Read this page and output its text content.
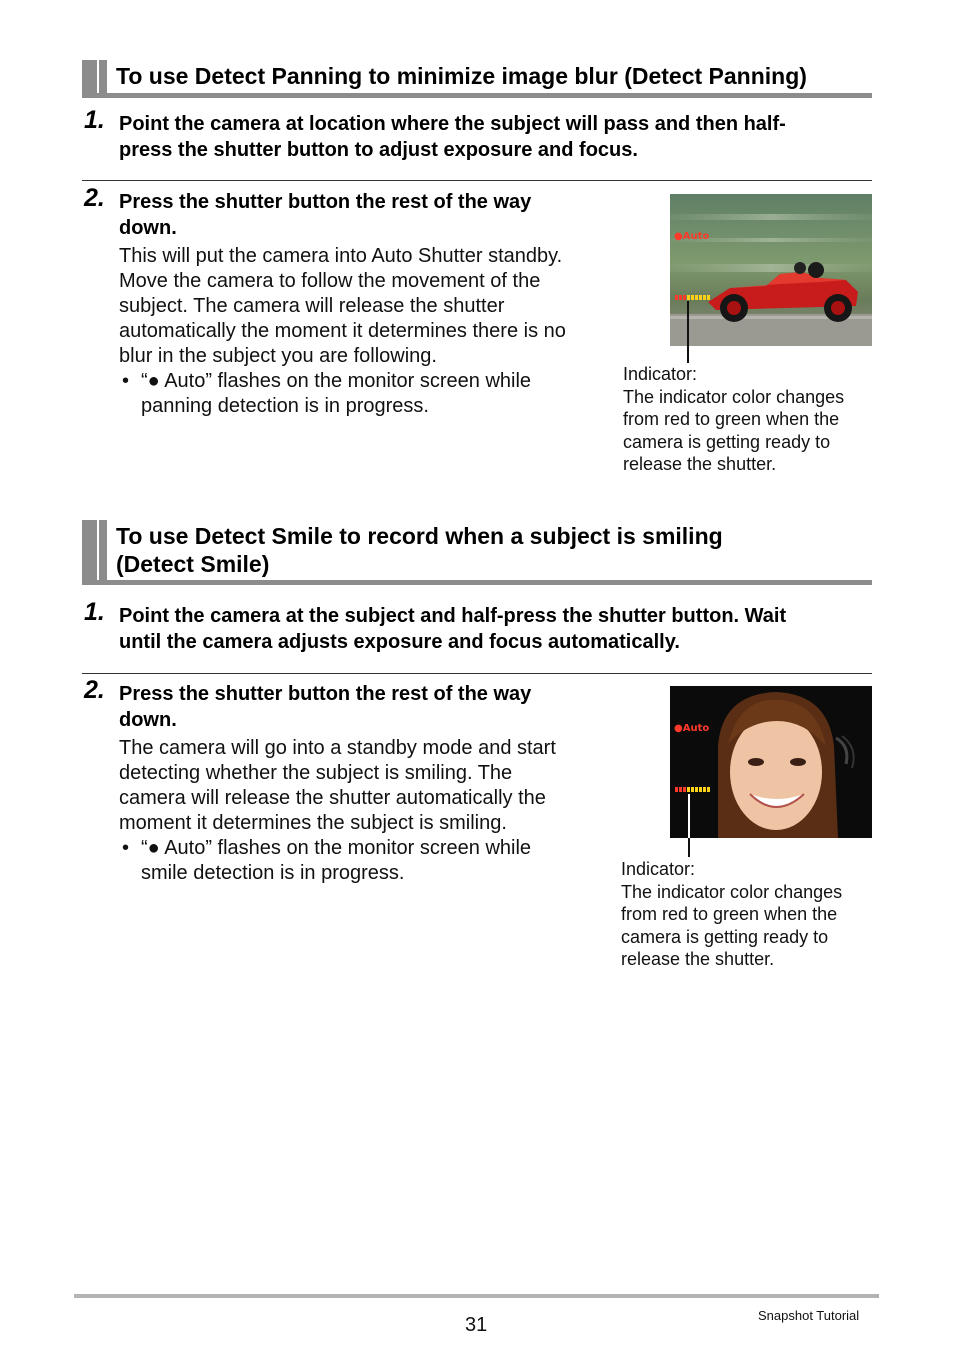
To use Detect Panning to minimize image blur (Detect Panning)
1. Point the camera at location where the subject will pass and then half-
press the shutter button to adjust exposure and focus.
2. Press the shutter button the rest of the way
down.
This will put the camera into Auto Shutter standby.
Move the camera to follow the movement of the
subject. The camera will release the shutter
automatically the moment it determines there is no
blur in the subject you are following.
• “● Auto” flashes on the monitor screen while
panning detection is in progress.
●Auto
Indicator:
The indicator color changes
from red to green when the
camera is getting ready to
release the shutter.
To use Detect Smile to record when a subject is smiling
(Detect Smile)
1. Point the camera at the subject and half-press the shutter button. Wait
until the camera adjusts exposure and focus automatically.
2. Press the shutter button the rest of the way
down.
The camera will go into a standby mode and start
detecting whether the subject is smiling. The
camera will release the shutter automatically the
moment it determines the subject is smiling.
• “● Auto” flashes on the monitor screen while
smile detection is in progress.
●Auto
Indicator:
The indicator color changes
from red to green when the
camera is getting ready to
release the shutter.
31	Snapshot Tutorial
